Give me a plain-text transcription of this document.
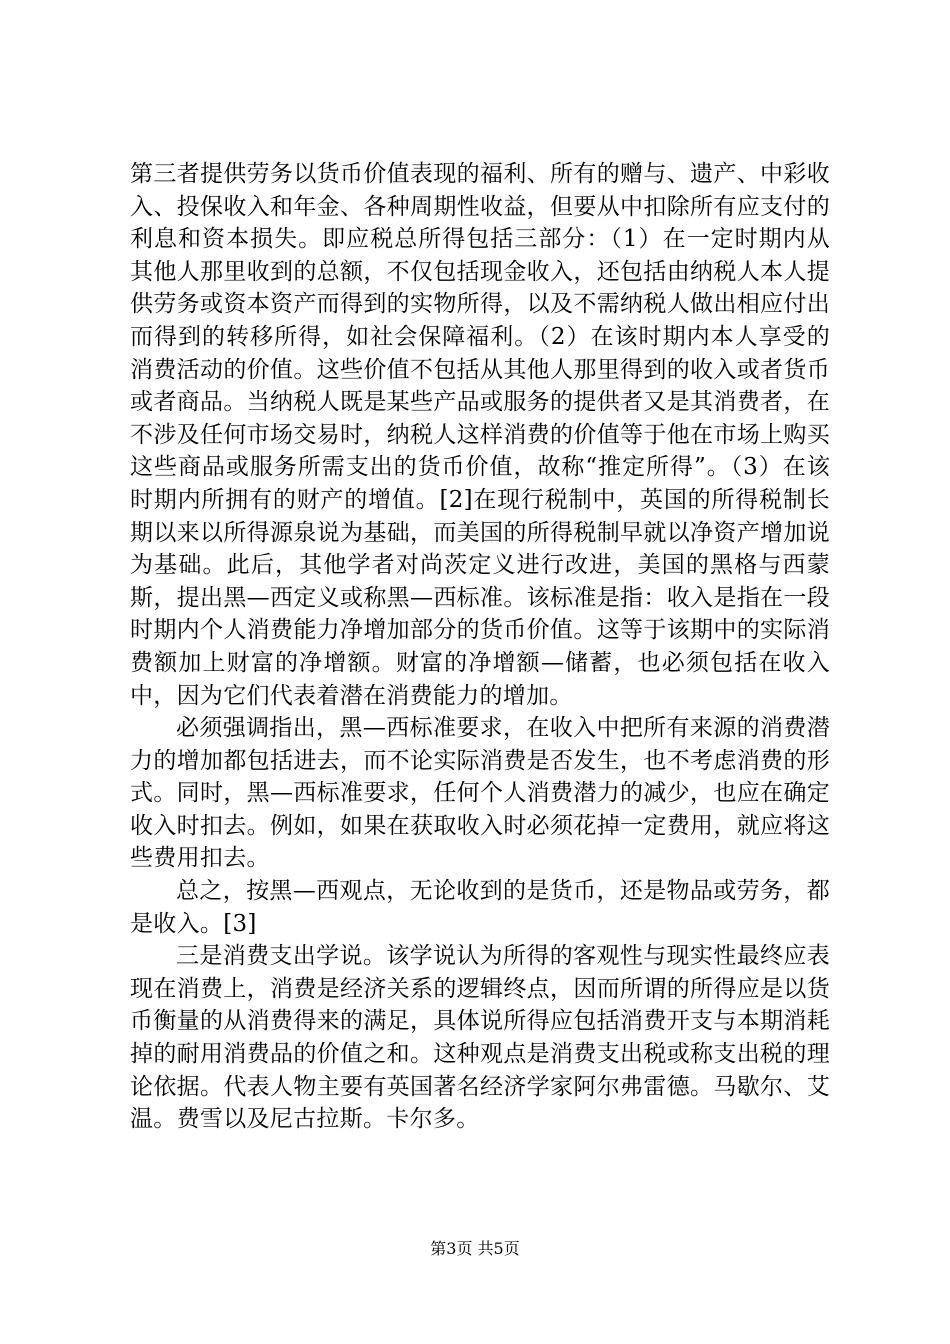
第三者提供劳务以货币价值表现的福利、所有的赠与、遗产、中彩收入、投保收入和年金、各种周期性收益，但要从中扣除所有应支付的利息和资本损失。即应税总所得包括三部分：（1）在一定时期内从其他人那里收到的总额，不仅包括现金收入，还包括由纳税人本人提供劳务或资本资产而得到的实物所得，以及不需纳税人做出相应付出而得到的转移所得，如社会保障福利。（2）在该时期内本人享受的消费活动的价值。这些价值不包括从其他人那里得到的收入或者货币或者商品。当纳税人既是某些产品或服务的提供者又是其消费者，在不涉及任何市场交易时，纳税人这样消费的价值等于他在市场上购买这些商品或服务所需支出的货币价值，故称“推定所得”。（3）在该时期内所拥有的财产的增值。[2]在现行税制中，英国的所得税制长期以来以所得源泉说为基础，而美国的所得税制早就以净资产增加说为基础。此后，其他学者对尚茨定义进行改进，美国的黑格与西蒙斯，提出黑—西定义或称黑—西标准。该标准是指：收入是指在一段时期内个人消费能力净增加部分的货币价值。这等于该期中的实际消费额加上财富的净增额。财富的净增额—储蓄，也必须包括在收入中，因为它们代表着潜在消费能力的增加。

必须强调指出，黑—西标准要求，在收入中把所有来源的消费潜力的增加都包括进去，而不论实际消费是否发生，也不考虑消费的形式。同时，黑—西标准要求，任何个人消费潜力的减少，也应在确定收入时扣去。例如，如果在获取收入时必须花掉一定费用，就应将这些费用扣去。

总之，按黑—西观点，无论收到的是货币，还是物品或劳务，都是收入。[3]

三是消费支出学说。该学说认为所得的客观性与现实性最终应表现在消费上，消费是经济关系的逻辑终点，因而所谓的所得应是以货币衡量的从消费得来的满足，具体说所得应包括消费开支与本期消耗掉的耐用消费品的价值之和。这种观点是消费支出税或称支出税的理论依据。代表人物主要有英国著名经济学家阿尔弗雷德。马歇尔、艾温。费雪以及尼古拉斯。卡尔多。

第3页 共5页
